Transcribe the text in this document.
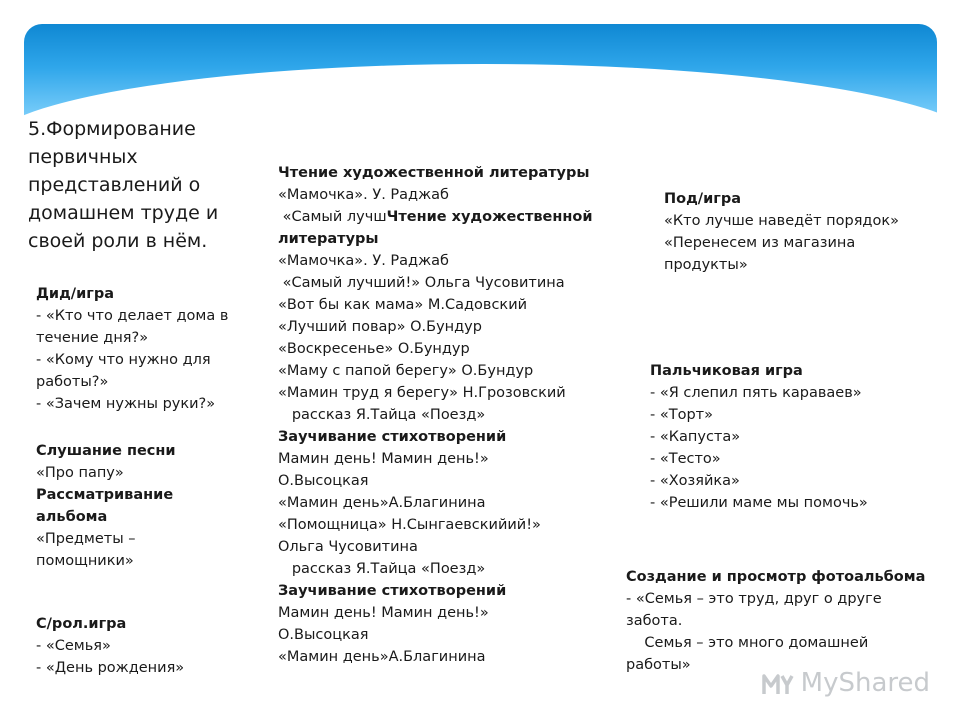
5.Формирование
первичных
представлений о
домашнем труде и
своей роли в нём.
Дид/игра
- «Кто что делает дома в
течение дня?»
- «Кому что нужно для
работы?»
- «Зачем нужны руки?»
Слушание песни
«Про папу»
Рассматривание
альбома
«Предметы –
помощники»
С/рол.игра
- «Семья»
- «День рождения»
Чтение художественной литературы
«Мамочка». У. Раджаб
«Самый лучшЧтение художественной
литературы
«Мамочка». У. Раджаб
«Самый лучший!» Ольга Чусовитина
«Вот бы как мама» М.Садовский
«Лучший повар» О.Бундур
«Воскресенье» О.Бундур
«Маму с папой берегу» О.Бундур
«Мамин труд я берегу» Н.Грозовский
рассказ Я.Тайца «Поезд»
Заучивание стихотворений
Мамин день! Мамин день!»
О.Высоцкая
«Мамин день»А.Благинина
«Помощница» Н.Сынгаевскийий!»
Ольга Чусовитина
рассказ Я.Тайца «Поезд»
Заучивание стихотворений
Мамин день! Мамин день!»
О.Высоцкая
«Мамин день»А.Благинина
Под/игра
«Кто лучше наведёт порядок»
«Перенесем из магазина
продукты»
Пальчиковая игра
- «Я слепил пять караваев»
- «Торт»
- «Капуста»
- «Тесто»
- «Хозяйка»
- «Решили маме мы помочь»
Создание и просмотр фотоальбома
- «Семья – это труд, друг о друге
забота.
Семья – это много домашней
работы»
MyShared
